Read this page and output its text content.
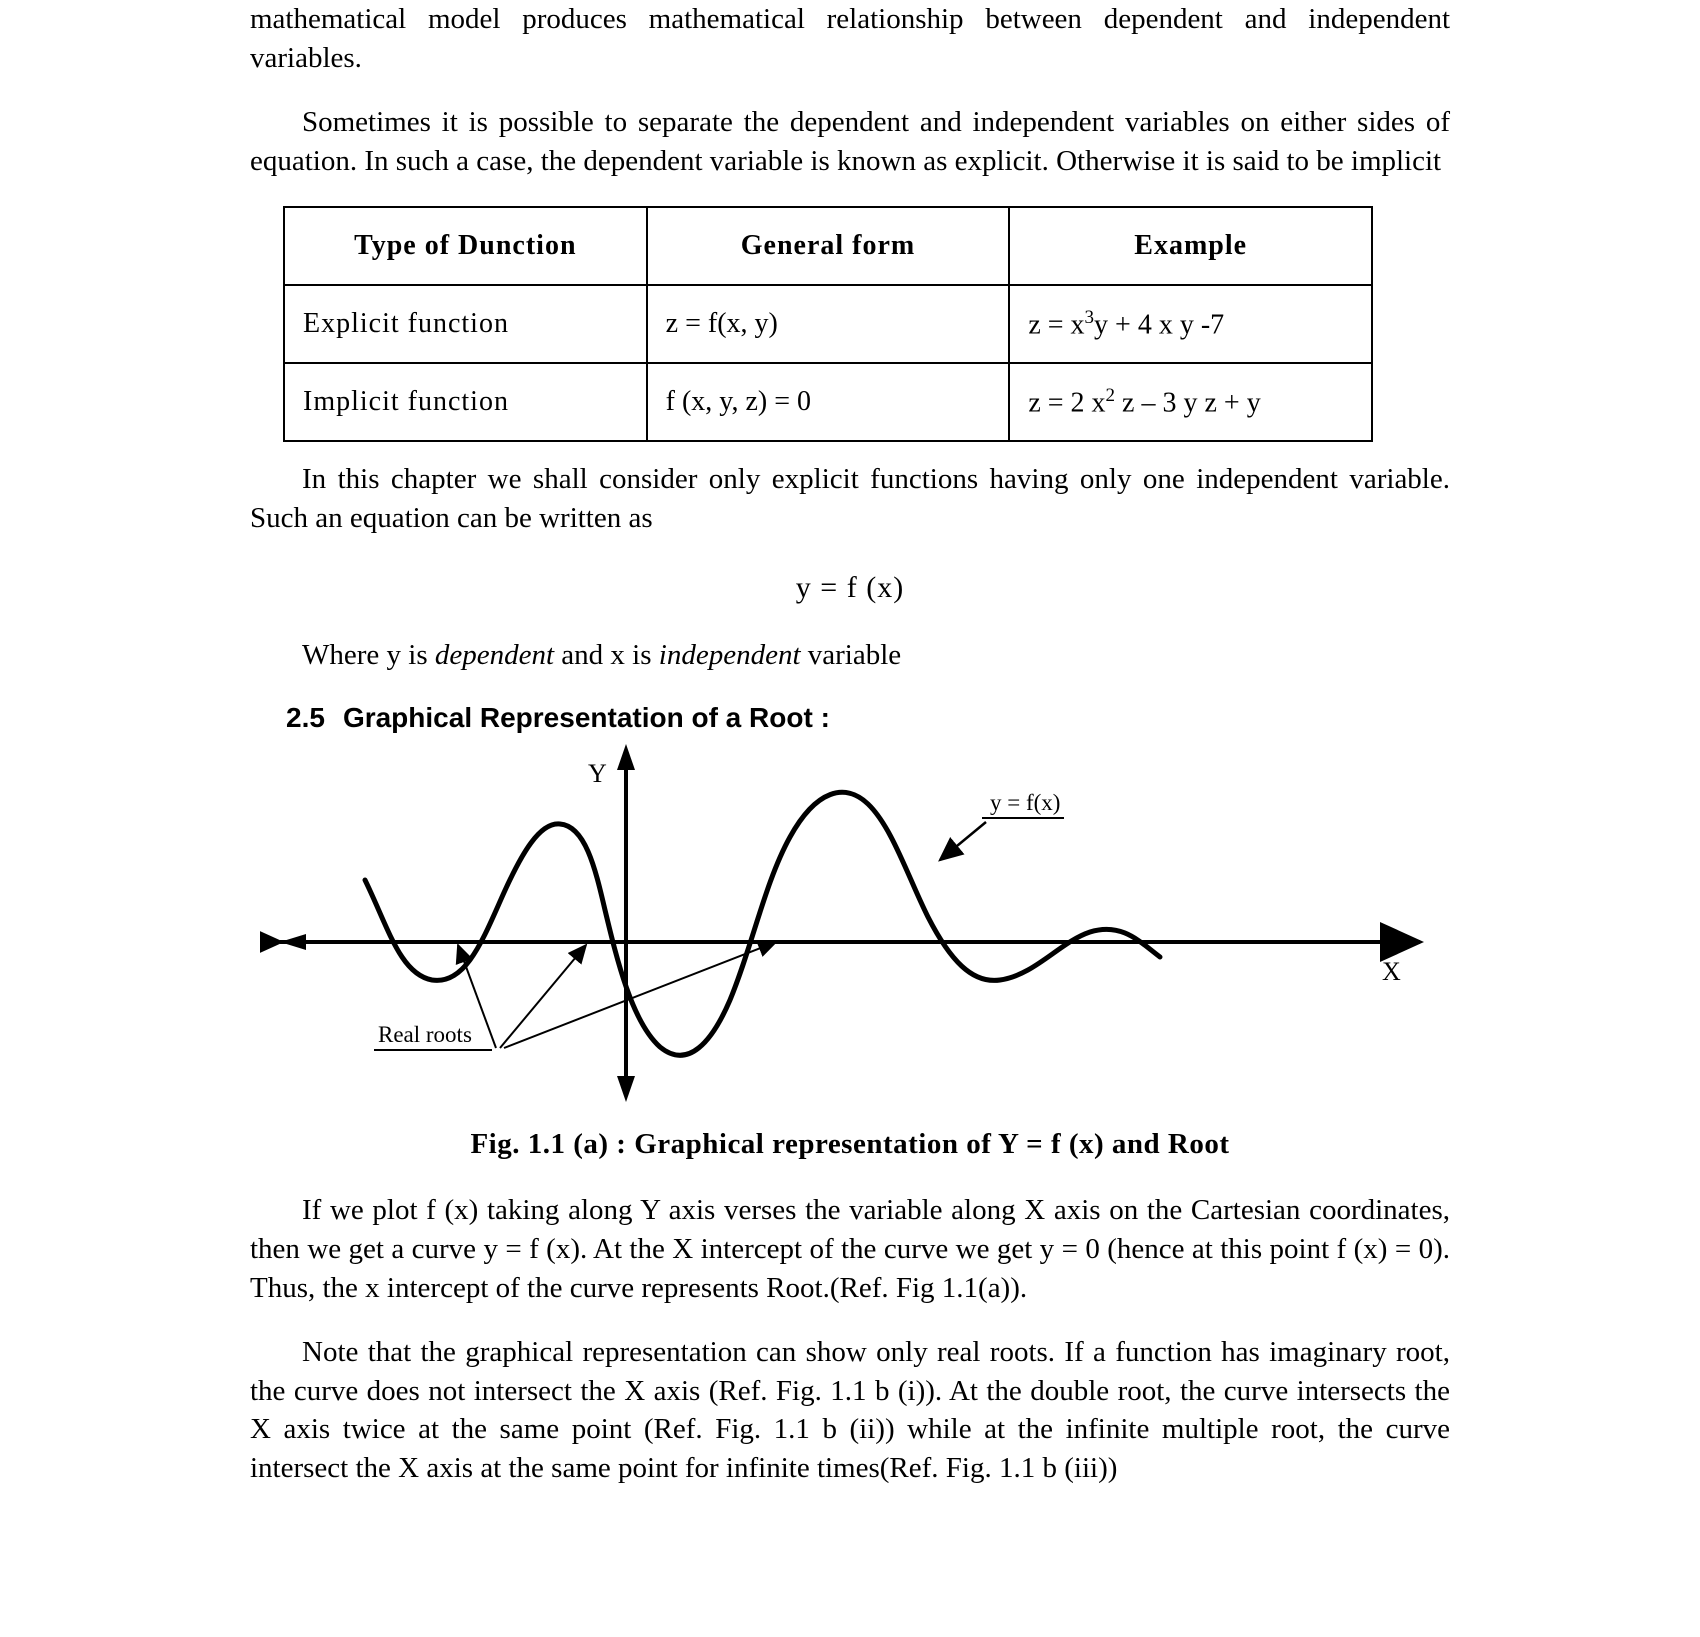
mathematical model produces mathematical relationship between dependent and independent variables.

Sometimes it is possible to separate the dependent and independent variables on either sides of equation. In such a case, the dependent variable is known as explicit. Otherwise it is said to be implicit

Type of Dunction	General form	Example
Explicit function	z = f(x, y)	$z = x^3y + 4$ x y -7
Implicit function	f (x, y, z) = 0	z = 2 $x^2$ z – 3 y z + y

In this chapter we shall consider only explicit functions having only one independent variable. Such an equation can be written as

y = f (x)
Where y is dependent and x is independent variable
2.5 Graphical Representation of a Root :
y = f(x)
Real roots
Y
X
Fig. 1.1 (a) : Graphical representation of Y = f (x) and Root

If we plot f (x) taking along Y axis verses the variable along X axis on the Cartesian coordinates, then we get a curve y = f (x). At the X intercept of the curve we get y = 0 (hence at this point f (x) = 0). Thus, the x intercept of the curve represents Root.(Ref. Fig 1.1(a)).

Note that the graphical representation can show only real roots. If a function has imaginary root, the curve does not intersect the X axis (Ref. Fig. 1.1 b (i)). At the double root, the curve intersects the X axis twice at the same point (Ref. Fig. 1.1 b (ii)) while at the infinite multiple root, the curve intersect the X axis at the same point for infinite times(Ref. Fig. 1.1 b (iii))
